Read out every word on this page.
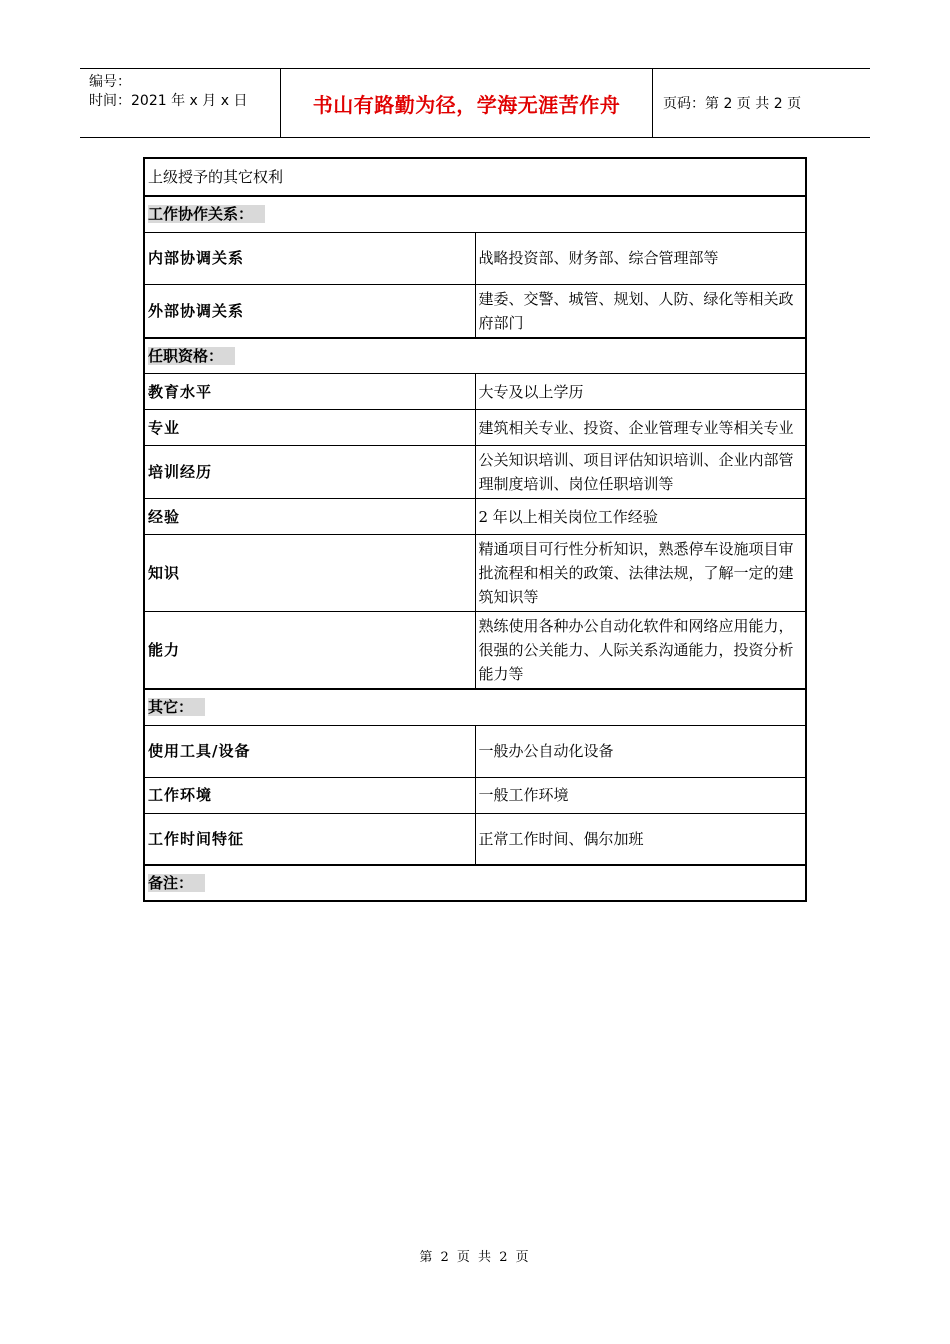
编号：
时间：2021 年 x 月 x 日	书山有路勤为径，学海无涯苦作舟	页码：第 2 页 共 2 页
上级授予的其它权利	
工作协作关系：	
内部协调关系	战略投资部、财务部、综合管理部等
外部协调关系	建委、交警、城管、规划、人防、绿化等相关政府部门
任职资格：	
教育水平	大专及以上学历
专业	建筑相关专业、投资、企业管理专业等相关专业
培训经历	公关知识培训、项目评估知识培训、企业内部管理制度培训、岗位任职培训等
经验	2 年以上相关岗位工作经验
知识	精通项目可行性分析知识，熟悉停车设施项目审批流程和相关的政策、法律法规，了解一定的建筑知识等
能力	熟练使用各种办公自动化软件和网络应用能力，很强的公关能力、人际关系沟通能力，投资分析能力等
其它：	
使用工具/设备	一般办公自动化设备
工作环境	一般工作环境
工作时间特征	正常工作时间、偶尔加班
备注：	
第 2 页 共 2 页
